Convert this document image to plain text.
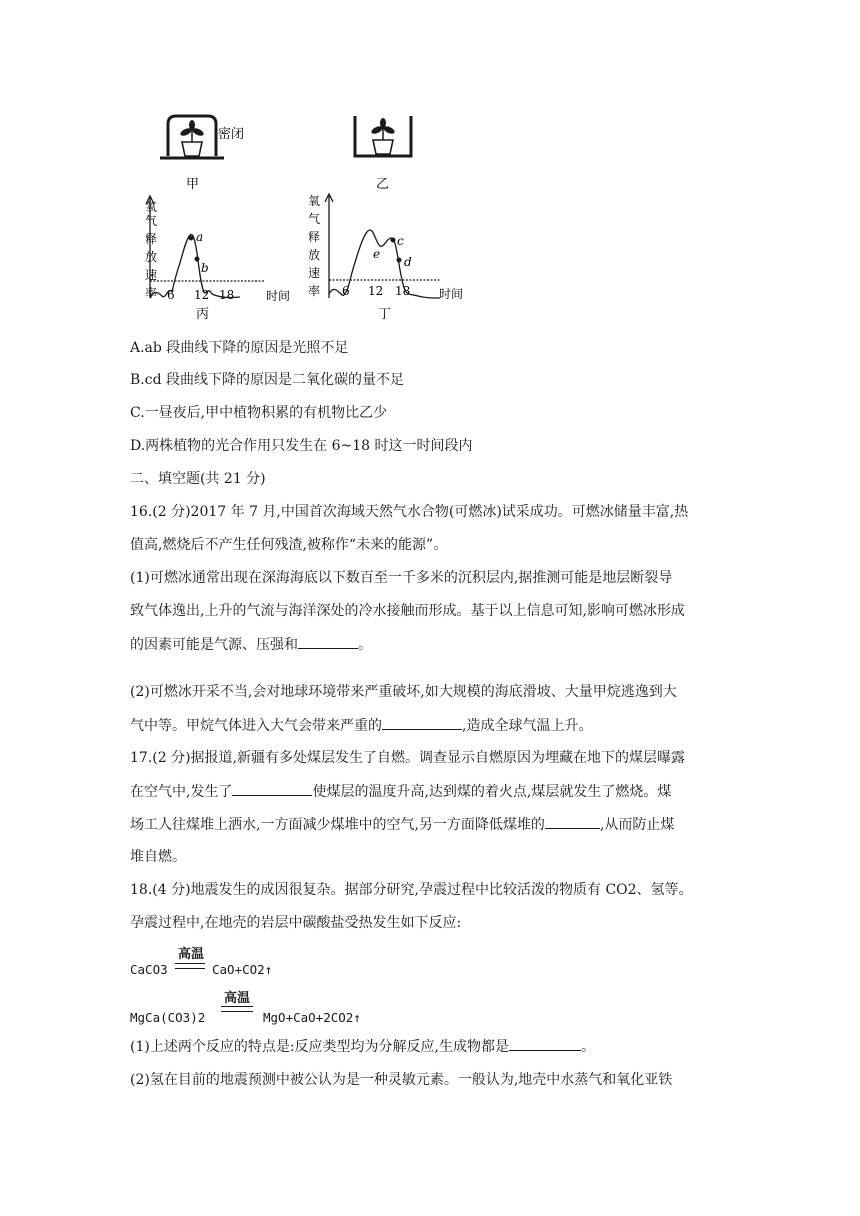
密闭
甲	乙
氧
气
释
放
速
率
a
b
6 12 18	时间
丙
氧
气
释
放
速
率
e
c
d
6 12 18 时间
丁
A.ab 段曲线下降的原因是光照不足
B.cd 段曲线下降的原因是二氧化碳的量不足
C.一昼夜后,甲中植物积累的有机物比乙少
D.两株植物的光合作用只发生在 6~18 时这一时间段内
二、填空题(共 21 分)
16.(2 分)2017 年 7 月,中国首次海域天然气水合物(可燃冰)试采成功。可燃冰储量丰富,热
值高,燃烧后不产生任何残渣,被称作“未来的能源”。
(1)可燃冰通常出现在深海海底以下数百至一千多米的沉积层内,据推测可能是地层断裂导
致气体逸出,上升的气流与海洋深处的冷水接触而形成。基于以上信息可知,影响可燃冰形成
的因素可能是气源、压强和	。
(2)可燃冰开采不当,会对地球环境带来严重破坏,如大规模的海底滑坡、大量甲烷逃逸到大
气中等。甲烷气体进入大气会带来严重的	,造成全球气温上升。
17.(2 分)据报道,新疆有多处煤层发生了自燃。调查显示自燃原因为埋藏在地下的煤层曝露
在空气中,发生了	使煤层的温度升高,达到煤的着火点,煤层就发生了燃烧。煤
场工人往煤堆上洒水,一方面减少煤堆中的空气,另一方面降低煤堆的	,从而防止煤
堆自燃。
18.(4 分)地震发生的成因很复杂。据部分研究,孕震过程中比较活泼的物质有 CO2、氢等。
孕震过程中,在地壳的岩层中碳酸盐受热发生如下反应:
高温
CaCO3	CaO+CO2↑
高温
MgCa(CO3)2	MgO+CaO+2CO2↑
(1)上述两个反应的特点是:反应类型均为分解反应,生成物都是	。
(2)氢在目前的地震预测中被公认为是一种灵敏元素。一般认为,地壳中水蒸气和氧化亚铁
